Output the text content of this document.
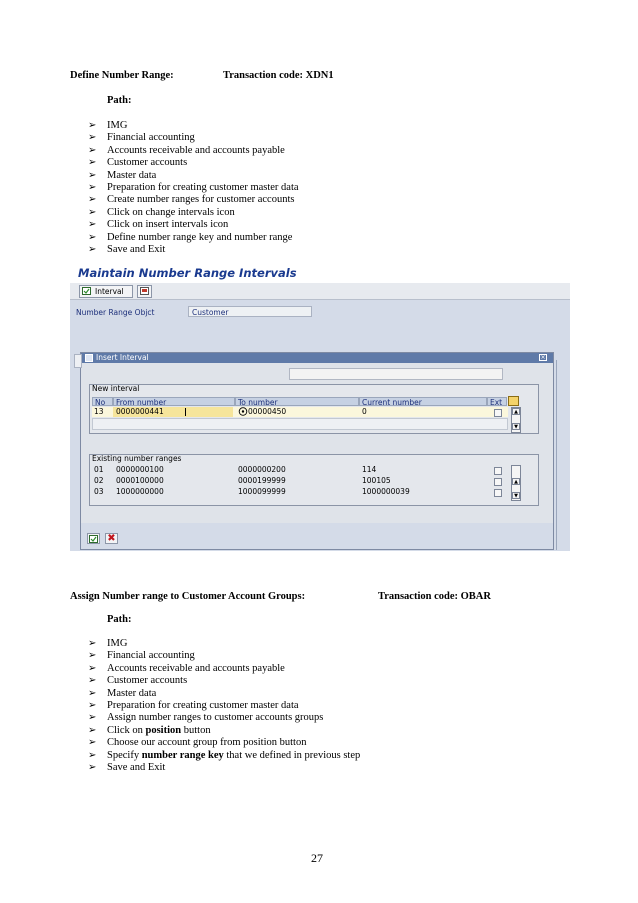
Define Number Range:	Transaction code: XDN1
Path:
➢ IMG
➢ Financial accounting
➢ Accounts receivable and accounts payable
➢ Customer accounts
➢ Master data
➢ Preparation for creating customer master data
➢ Create number ranges for customer accounts
➢ Click on change intervals icon
➢ Click on insert intervals icon
➢ Define number range key and number range
➢ Save and Exit
Maintain Number Range Intervals
Interval
Number Range Objct	Customer
Insert Interval	×
New interval
No	From number	To number	Current number	Ext
13 0000000441	00000450	0	▲
▼
Existing number ranges
01 0000000100	0000000200	114
02 0000100000	0000199999	100105
03 1000000000	1000099999	1000000039
▲
▼
✖
Assign Number range to Customer Account Groups:	Transaction code: OBAR
Path:
➢ IMG
➢ Financial accounting
➢ Accounts receivable and accounts payable
➢ Customer accounts
➢ Master data
➢ Preparation for creating customer master data
➢ Assign number ranges to customer accounts groups
➢ Click on position button
➢ Choose our account group from position button
➢ Specify number range key that we defined in previous step
➢ Save and Exit
27
